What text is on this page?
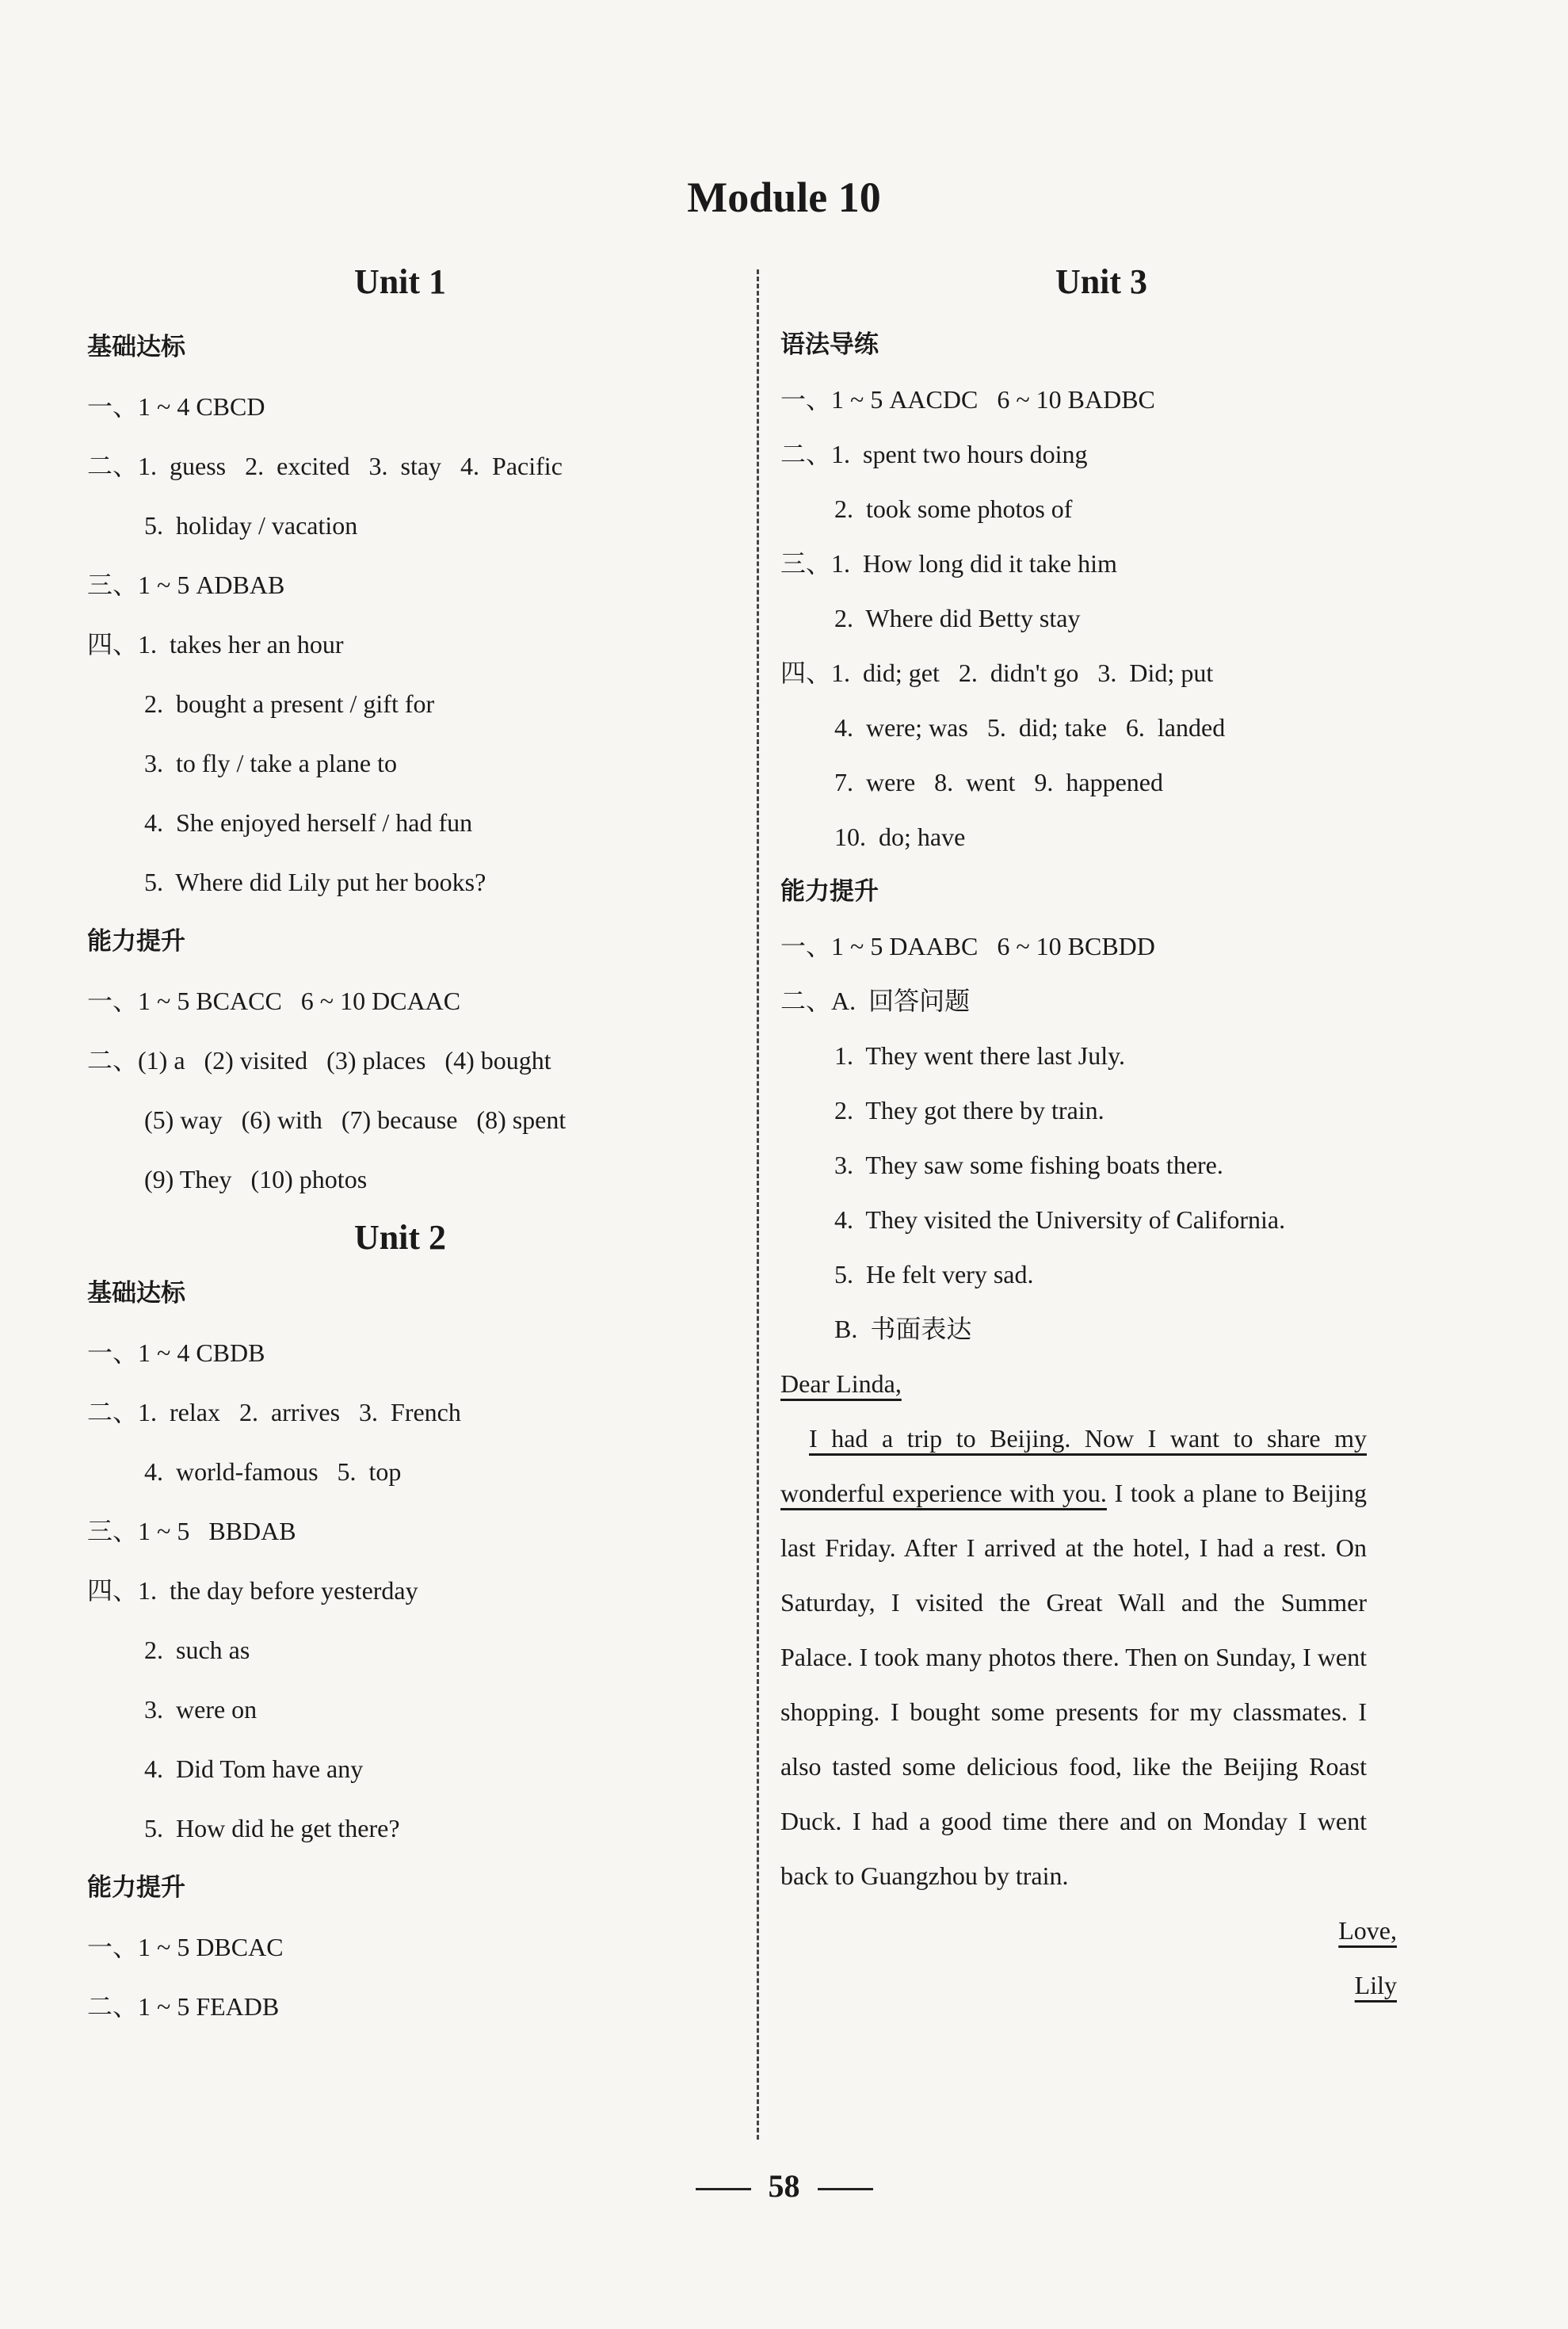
Module 10
Unit 1
基础达标
一、1 ~ 4 CBCD
二、1.  guess   2.  excited   3.  stay   4.  Pacific
5.  holiday / vacation
三、1 ~ 5 ADBAB
四、1.  takes her an hour
2.  bought a present / gift for
3.  to fly / take a plane to
4.  She enjoyed herself / had fun
5.  Where did Lily put her books?
能力提升
一、1 ~ 5 BCACC   6 ~ 10 DCAAC
二、(1) a   (2) visited   (3) places   (4) bought
(5) way   (6) with   (7) because   (8) spent
(9) They   (10) photos
Unit 2
基础达标
一、1 ~ 4 CBDB
二、1.  relax   2.  arrives   3.  French
4.  world-famous   5.  top
三、1 ~ 5   BBDAB
四、1.  the day before yesterday
2.  such as
3.  were on
4.  Did Tom have any
5.  How did he get there?
能力提升
一、1 ~ 5 DBCAC
二、1 ~ 5 FEADB
Unit 3
语法导练
一、1 ~ 5 AACDC   6 ~ 10 BADBC
二、1.  spent two hours doing
2.  took some photos of
三、1.  How long did it take him
2.  Where did Betty stay
四、1.  did; get   2.  didn't go   3.  Did; put
4.  were; was   5.  did; take   6.  landed
7.  were   8.  went   9.  happened
10.  do; have
能力提升
一、1 ~ 5 DAABC   6 ~ 10 BCBDD
二、A.  回答问题
1.  They went there last July.
2.  They got there by train.
3.  They saw some fishing boats there.
4.  They visited the University of California.
5.  He felt very sad.
B.  书面表达
Dear Linda,
I had a trip to Beijing. Now I want to share my wonderful experience with you. I took a plane to Beijing last Friday. After I arrived at the hotel, I had a rest. On Saturday, I visited the Great Wall and the Summer Palace. I took many photos there. Then on Sunday, I went shopping. I bought some presents for my classmates. I also tasted some delicious food, like the Beijing Roast Duck. I had a good time there and on Monday I went back to Guangzhou by train.
Love,
Lily
58
